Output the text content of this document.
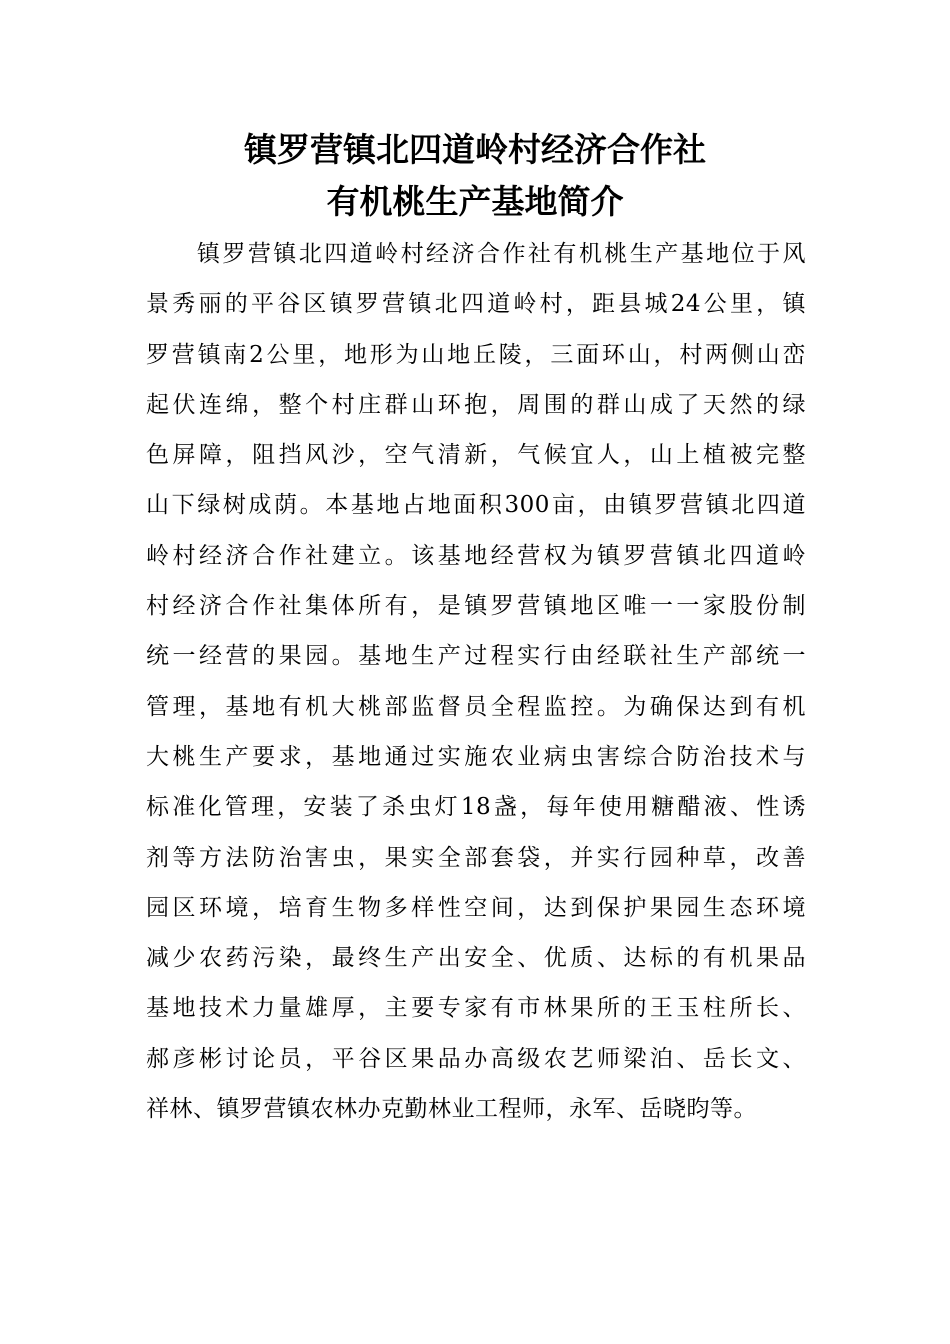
镇罗营镇北四道岭村经济合作社
有机桃生产基地简介
　　镇罗营镇北四道岭村经济合作社有机桃生产基地位于风
景秀丽的平谷区镇罗营镇北四道岭村，距县城24公里，镇
罗营镇南2公里，地形为山地丘陵，三面环山，村两侧山峦
起伏连绵，整个村庄群山环抱，周围的群山成了天然的绿
色屏障，阻挡风沙，空气清新，气候宜人，山上植被完整
山下绿树成荫。本基地占地面积300亩，由镇罗营镇北四道
岭村经济合作社建立。该基地经营权为镇罗营镇北四道岭
村经济合作社集体所有，是镇罗营镇地区唯一一家股份制
统一经营的果园。基地生产过程实行由经联社生产部统一
管理，基地有机大桃部监督员全程监控。为确保达到有机
大桃生产要求，基地通过实施农业病虫害综合防治技术与
标准化管理，安装了杀虫灯18盏，每年使用糖醋液、性诱
剂等方法防治害虫，果实全部套袋，并实行园种草，改善
园区环境，培育生物多样性空间，达到保护果园生态环境
减少农药污染，最终生产出安全、优质、达标的有机果品
基地技术力量雄厚，主要专家有市林果所的王玉柱所长、
郝彦彬讨论员，平谷区果品办高级农艺师梁泊、岳长文、
祥林、镇罗营镇农林办克勤林业工程师，永军、岳晓昀等。
